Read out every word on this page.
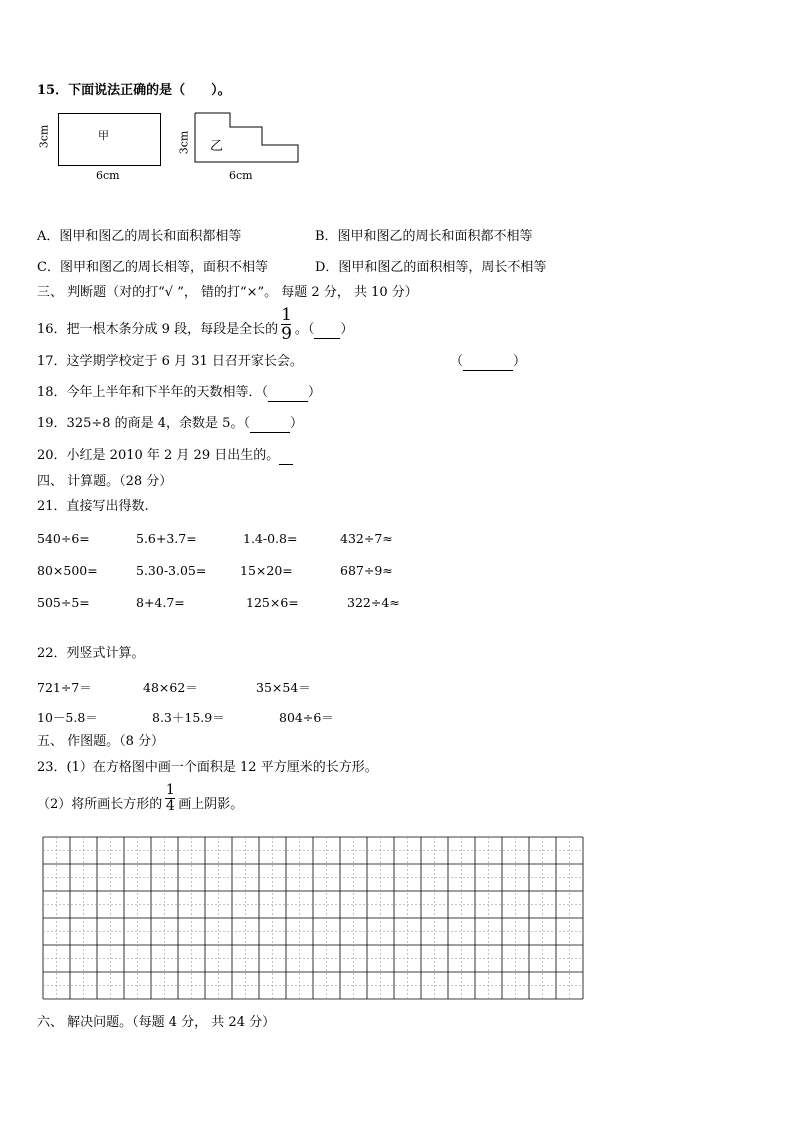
15．下面说法正确的是（　　）。
甲
3cm
6cm
乙
3cm
6cm
A．图甲和图乙的周长和面积都相等	B．图甲和图乙的周长和面积都不相等
C．图甲和图乙的周长相等，面积不相等	D．图甲和图乙的面积相等，周长不相等
三、 判断题（对的打“√ ”， 错的打“×”。 每题 2 分， 共 10 分）
16．把一根木条分成 9 段，每段是全长的 $\frac{1}{9}$ 。（ ）
17．这学期学校定于 6 月 31 日召开家长会。	（	）
18．今年上半年和下半年的天数相等．（	）
19．325÷8 的商是 4，余数是 5。（	）
20．小红是 2010 年 2 月 29 日出生的。
四、 计算题。（28 分）
21．直接写出得数.
540÷6=	5.6+3.7=	1.4-0.8=	432÷7≈
80×500=	5.30-3.05=	15×20=	687÷9≈
505÷5=	8+4.7=	125×6=	322÷4≈
22．列竖式计算。
721÷7＝	48×62＝	35×54＝
10－5.8＝	8.3＋15.9＝	804÷6＝
五、 作图题。（8 分）
23．(1）在方格图中画一个面积是 12 平方厘米的长方形。
（2）将所画长方形的 $\frac{1}{4}$ 画上阴影。
六、 解决问题。（每题 4 分， 共 24 分）
